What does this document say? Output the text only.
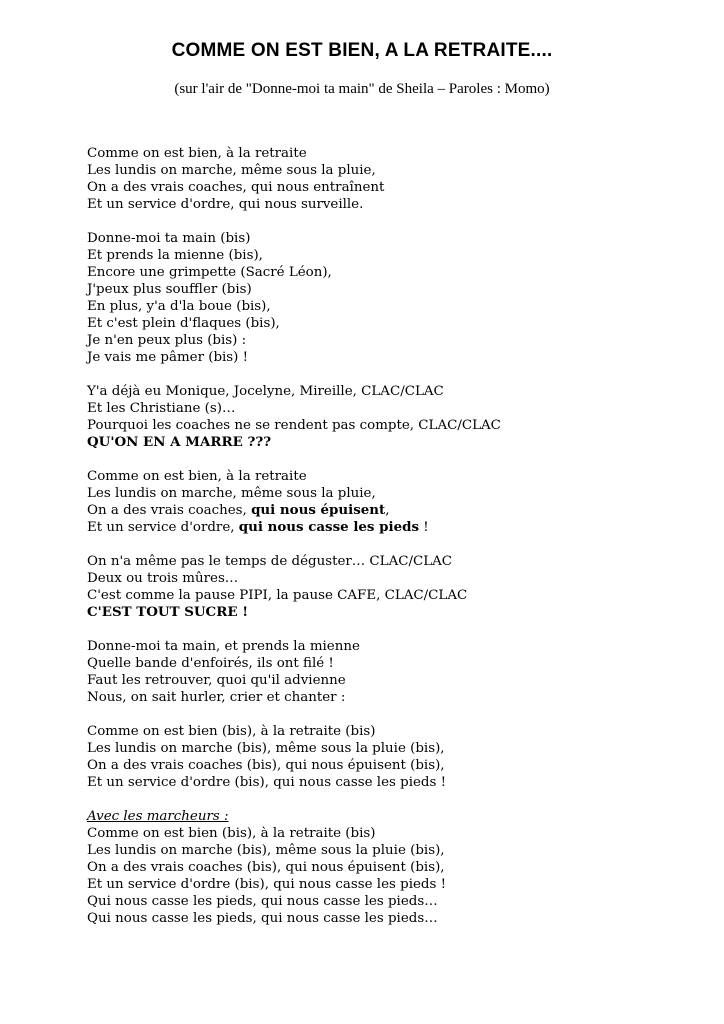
COMME ON EST BIEN, A LA RETRAITE....

(sur l'air de "Donne-moi ta main" de Sheila – Paroles : Momo)

Comme on est bien, à la retraite
Les lundis on marche, même sous la pluie,
On a des vrais coaches, qui nous entraînent
Et un service d'ordre, qui nous surveille.
Donne-moi ta main (bis)
Et prends la mienne (bis),
Encore une grimpette (Sacré Léon),
J'peux plus souffler (bis)
En plus, y'a d'la boue (bis),
Et c'est plein d'flaques (bis),
Je n'en peux plus (bis) :
Je vais me pâmer (bis) !
Y'a déjà eu Monique, Jocelyne, Mireille, CLAC/CLAC
Et les Christiane (s)…
Pourquoi les coaches ne se rendent pas compte, CLAC/CLAC
QU'ON EN A MARRE ???
Comme on est bien, à la retraite
Les lundis on marche, même sous la pluie,
On a des vrais coaches, qui nous épuisent,
Et un service d'ordre, qui nous casse les pieds !
On n'a même pas le temps de déguster… CLAC/CLAC
Deux ou trois mûres…
C'est comme la pause PIPI, la pause CAFE, CLAC/CLAC
C'EST TOUT SUCRE !
Donne-moi ta main, et prends la mienne
Quelle bande d'enfoirés, ils ont filé !
Faut les retrouver, quoi qu'il advienne
Nous, on sait hurler, crier et chanter :
Comme on est bien (bis), à la retraite (bis)
Les lundis on marche (bis), même sous la pluie (bis),
On a des vrais coaches (bis), qui nous épuisent (bis),
Et un service d'ordre (bis), qui nous casse les pieds !
Avec les marcheurs :
Comme on est bien (bis), à la retraite (bis)
Les lundis on marche (bis), même sous la pluie (bis),
On a des vrais coaches (bis), qui nous épuisent (bis),
Et un service d'ordre (bis), qui nous casse les pieds !
Qui nous casse les pieds, qui nous casse les pieds…
Qui nous casse les pieds, qui nous casse les pieds…
